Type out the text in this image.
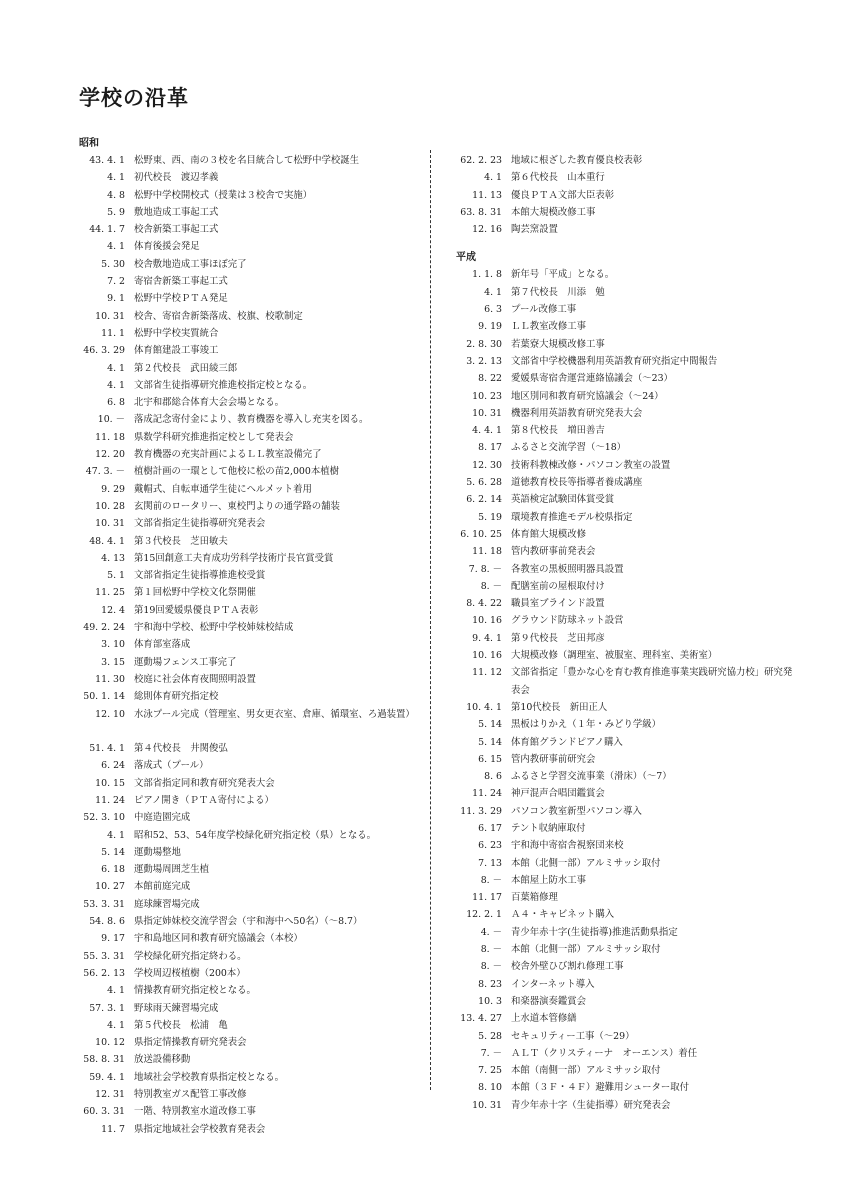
学校の沿革
昭和
43. 4. 1 松野東、西、南の３校を名目統合して松野中学校誕生
4. 1 初代校長　渡辺孝義
4. 8 松野中学校開校式（授業は３校舎で実施）
5. 9 敷地造成工事起工式
44. 1. 7 校舎新築工事起工式
4. 1 体育後援会発足
5. 30 校舎敷地造成工事ほぼ完了
7. 2 寄宿舎新築工事起工式
9. 1 松野中学校ＰＴＡ発足
10. 31 校舎、寄宿舎新築落成、校旗、校歌制定
11. 1 松野中学校実質統合
46. 3. 29 体育館建設工事竣工
4. 1 第２代校長　武田綾三郎
4. 1 文部省生徒指導研究推進校指定校となる。
6. 8 北宇和郡総合体育大会会場となる。
10. － 落成記念寄付金により、教育機器を導入し充実を図る。
11. 18 県数学科研究推進指定校として発表会
12. 20 教育機器の充実計画によるＬＬ教室設備完了
47. 3. － 植樹計画の一環として他校に松の苗2,000本植樹
9. 29 戴帽式、自転車通学生徒にヘルメット着用
10. 28 玄関前のロータリー、東校門よりの通学路の舗装
10. 31 文部省指定生徒指導研究発表会
48. 4. 1 第３代校長　芝田敏夫
4. 13 第15回創意工夫育成功労科学技術庁長官賞受賞
5. 1 文部省指定生徒指導推進校受賞
11. 25 第１回松野中学校文化祭開催
12. 4 第19回愛媛県優良ＰＴＡ表彰
49. 2. 24 宇和海中学校、松野中学校姉妹校結成
3. 10 体育部室落成
3. 15 運動場フェンス工事完了
11. 30 校庭に社会体育夜間照明設置
50. 1. 14 総則体育研究指定校
12. 10 水泳プール完成（管理室、男女更衣室、倉庫、循環室、ろ過装置）
51. 4. 1 第４代校長　井関俊弘
6. 24 落成式（プール）
10. 15 文部省指定同和教育研究発表大会
11. 24 ピアノ開き（ＰＴＡ寄付による）
52. 3. 10 中庭造園完成
4. 1 昭和52、53、54年度学校緑化研究指定校（県）となる。
5. 14 運動場整地
6. 18 運動場周囲芝生植
10. 27 本館前庭完成
53. 3. 31 庭球練習場完成
54. 8. 6 県指定姉妹校交流学習会（宇和海中へ50名）（～8.7）
9. 17 宇和島地区同和教育研究協議会（本校）
55. 3. 31 学校緑化研究指定終わる。
56. 2. 13 学校周辺桜植樹（200本）
4. 1 情操教育研究指定校となる。
57. 3. 1 野球雨天練習場完成
4. 1 第５代校長　松浦　亀
10. 12 県指定情操教育研究発表会
58. 8. 31 放送設備移動
59. 4. 1 地域社会学校教育県指定校となる。
12. 31 特別教室ガス配管工事改修
60. 3. 31 一階、特別教室水道改修工事
11. 7 県指定地域社会学校教育発表会
62. 2. 23 地域に根ざした教育優良校表彰
4. 1 第６代校長　山本重行
11. 13 優良ＰＴＡ文部大臣表彰
63. 8. 31 本館大規模改修工事
12. 16 陶芸窯設置
平成
1. 1. 8 新年号「平成」となる。
4. 1 第７代校長　川添　勉
6. 3 プール改修工事
9. 19 ＬＬ教室改修工事
2. 8. 30 若葉寮大規模改修工事
3. 2. 13 文部省中学校機器利用英語教育研究指定中間報告
8. 22 愛媛県寄宿舎運営連絡協議会（～23）
10. 23 地区別同和教育研究協議会（～24）
10. 31 機器利用英語教育研究発表大会
4. 4. 1 第８代校長　増田善吉
8. 17 ふるさと交流学習（～18）
12. 30 技術科教棟改修・パソコン教室の設置
5. 6. 28 道徳教育校長等指導者養成講座
6. 2. 14 英語検定試験団体賞受賞
5. 19 環境教育推進モデル校県指定
6. 10. 25 体育館大規模改修
11. 18 管内教研事前発表会
7. 8. － 各教室の黒板照明器具設置
8. － 配膳室前の屋根取付け
8. 4. 22 職員室ブラインド設置
10. 16 グラウンド防球ネット設営
9. 4. 1 第９代校長　芝田邦彦
10. 16 大規模改修（調理室、被服室、理科室、美術室）
11. 12 文部省指定「豊かな心を育む教育推進事業実践研究協力校」研究発表会
10. 4. 1 第10代校長　新田正人
5. 14 黒板はりかえ（１年・みどり学級）
5. 14 体育館グランドピアノ購入
6. 15 管内教研事前研究会
8. 6 ふるさと学習交流事業（滑床）（～7）
11. 24 神戸混声合唱団鑑賞会
11. 3. 29 パソコン教室新型パソコン導入
6. 17 テント収納庫取付
6. 23 宇和海中寄宿舎視察団来校
7. 13 本館（北側一部）アルミサッシ取付
8. － 本館屋上防水工事
11. 17 百葉箱修理
12. 2. 1 Ａ４・キャビネット購入
4. － 青少年赤十字(生徒指導)推進活動県指定
8. － 本館（北側一部）アルミサッシ取付
8. － 校舎外壁ひび割れ修理工事
8. 23 インターネット導入
10. 3 和楽器演奏鑑賞会
13. 4. 27 上水道本管修繕
5. 28 セキュリティー工事（～29）
7. － ＡＬＴ（クリスティーナ　オーエンス）着任
7. 25 本館（南側一部）アルミサッシ取付
8. 10 本館（３Ｆ・４Ｆ）避難用シューター取付
10. 31 青少年赤十字（生徒指導）研究発表会
